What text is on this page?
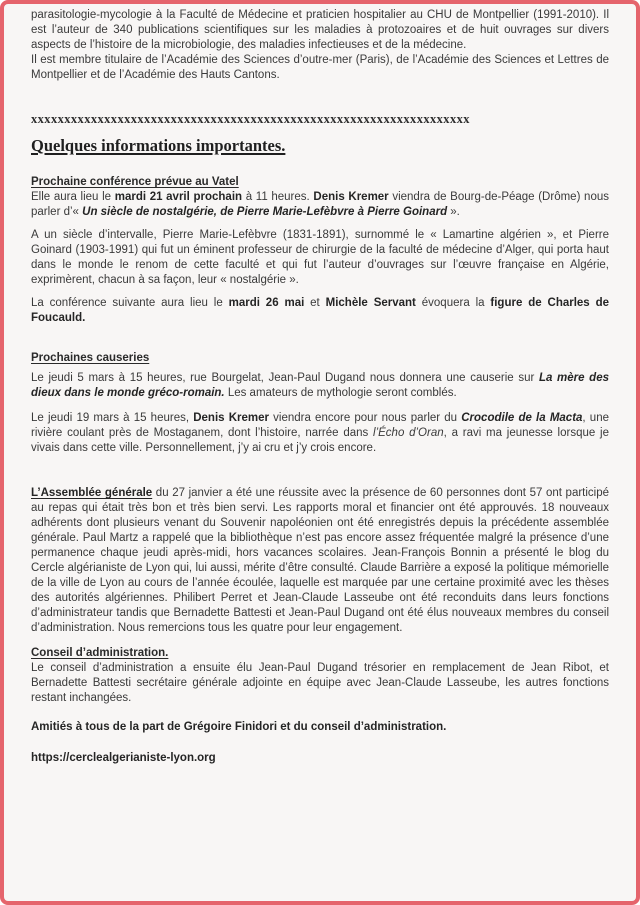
parasitologie-mycologie à la Faculté de Médecine et praticien hospitalier au CHU de Montpellier (1991-2010). Il est l’auteur de 340 publications scientifiques sur les maladies à protozoaires et de huit ouvrages sur divers aspects de l’histoire de la microbiologie, des maladies infectieuses et de la médecine.

Il est membre titulaire de l’Académie des Sciences d’outre-mer (Paris), de l’Académie des Sciences et Lettres de Montpellier et de l’Académie des Hauts Cantons.

xxxxxxxxxxxxxxxxxxxxxxxxxxxxxxxxxxxxxxxxxxxxxxxxxxxxxxxxxxxxxxxxxx
Quelques informations importantes.
Prochaine conférence prévue au Vatel

Elle aura lieu le mardi 21 avril prochain à 11 heures. Denis Kremer viendra de Bourg-de-Péage (Drôme) nous parler d’« Un siècle de nostalgérie, de Pierre Marie-Lefèbvre à Pierre Goinard ».

A un siècle d’intervalle, Pierre Marie-Lefèbvre (1831-1891), surnommé le « Lamartine algérien », et Pierre Goinard (1903-1991) qui fut un éminent professeur de chirurgie de la faculté de médecine d’Alger, qui porta haut dans le monde le renom de cette faculté et qui fut l’auteur d’ouvrages sur l’œuvre française en Algérie, exprimèrent, chacun à sa façon, leur « nostalgérie ».

La conférence suivante aura lieu le mardi 26 mai et Michèle Servant évoquera la figure de Charles de Foucauld.

Prochaines causeries

Le jeudi 5 mars à 15 heures, rue Bourgelat, Jean-Paul Dugand nous donnera une causerie sur La mère des dieux dans le monde gréco-romain. Les amateurs de mythologie seront comblés.

Le jeudi 19 mars à 15 heures, Denis Kremer viendra encore pour nous parler du Crocodile de la Macta, une rivière coulant près de Mostaganem, dont l’histoire, narrée dans l’Écho d’Oran, a ravi ma jeunesse lorsque je vivais dans cette ville. Personnellement, j’y ai cru et j’y crois encore.

L’Assemblée générale du 27 janvier a été une réussite avec la présence de 60 personnes dont 57 ont participé au repas qui était très bon et très bien servi. Les rapports moral et financier ont été approuvés. 18 nouveaux adhérents dont plusieurs venant du Souvenir napoléonien ont été enregistrés depuis la précédente assemblée générale. Paul Martz a rappelé que la bibliothèque n’est pas encore assez fréquentée malgré la présence d’une permanence chaque jeudi après-midi, hors vacances scolaires. Jean-François Bonnin a présenté le blog du Cercle algérianiste de Lyon qui, lui aussi, mérite d’être consulté. Claude Barrière a exposé la politique mémorielle de la ville de Lyon au cours de l’année écoulée, laquelle est marquée par une certaine proximité avec les thèses des autorités algériennes. Philibert Perret et Jean-Claude Lasseube ont été reconduits dans leurs fonctions d’administrateur tandis que Bernadette Battesti et Jean-Paul Dugand ont été élus nouveaux membres du conseil d’administration. Nous remercions tous les quatre pour leur engagement.

Conseil d’administration.

Le conseil d’administration a ensuite élu Jean-Paul Dugand trésorier en remplacement de Jean Ribot, et Bernadette Battesti secrétaire générale adjointe en équipe avec Jean-Claude Lasseube, les autres fonctions restant inchangées.

Amitiés à tous de la part de Grégoire Finidori et du conseil d’administration.

https://cerclealgerianiste-lyon.org
